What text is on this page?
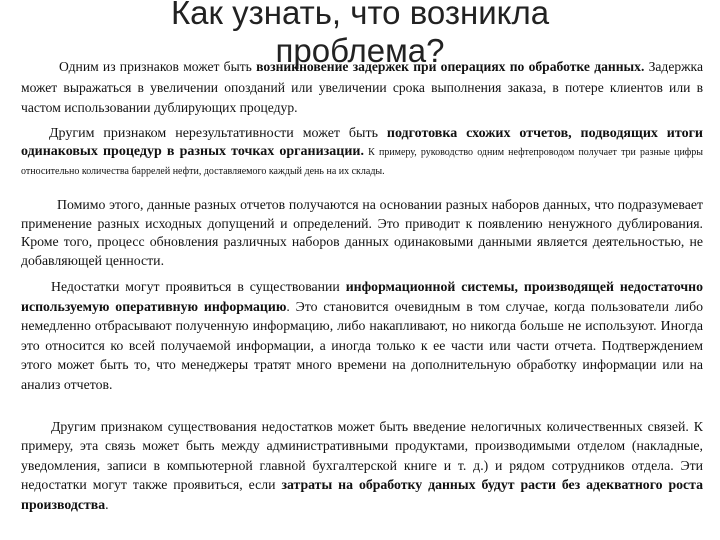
Как узнать, что возникла
проблема?

Одним из признаков может быть возникновение задержек при операциях по обработке данных. Задержка может выражаться в увеличении опозданий или увеличении срока выполнения заказа, в потере клиентов или в частом использовании дублирующих процедур.

Другим признаком нерезультативности может быть подготовка схожих отчетов, подводящих итоги одинаковых процедур в разных точках организации. К примеру, руководство одним нефтепроводом получает три разные цифры относительно количества баррелей нефти, доставляемого каждый день на их склады.

Помимо этого, данные разных отчетов получаются на основании разных наборов данных, что подразумевает применение разных исходных допущений и определений. Это приводит к появлению ненужного дублирования. Кроме того, процесс обновления различных наборов данных одинаковыми данными является деятельностью, не добавляющей ценности.

Недостатки могут проявиться в существовании информационной системы, производящей недостаточно используемую оперативную информацию. Это становится очевидным в том случае, когда пользователи либо немедленно отбрасывают полученную информацию, либо накапливают, но никогда больше не используют. Иногда это относится ко всей получаемой информации, а иногда только к ее части или части отчета. Подтверждением этого может быть то, что менеджеры тратят много времени на дополнительную обработку информации или на анализ отчетов.

Другим признаком существования недостатков может быть введение нелогичных количественных связей. К примеру, эта связь может быть между административными продуктами, производимыми отделом (накладные, уведомления, записи в компьютерной главной бухгалтерской книге и т. д.) и рядом сотрудников отдела. Эти недостатки могут также проявиться, если затраты на обработку данных будут расти без адекватного роста производства.
